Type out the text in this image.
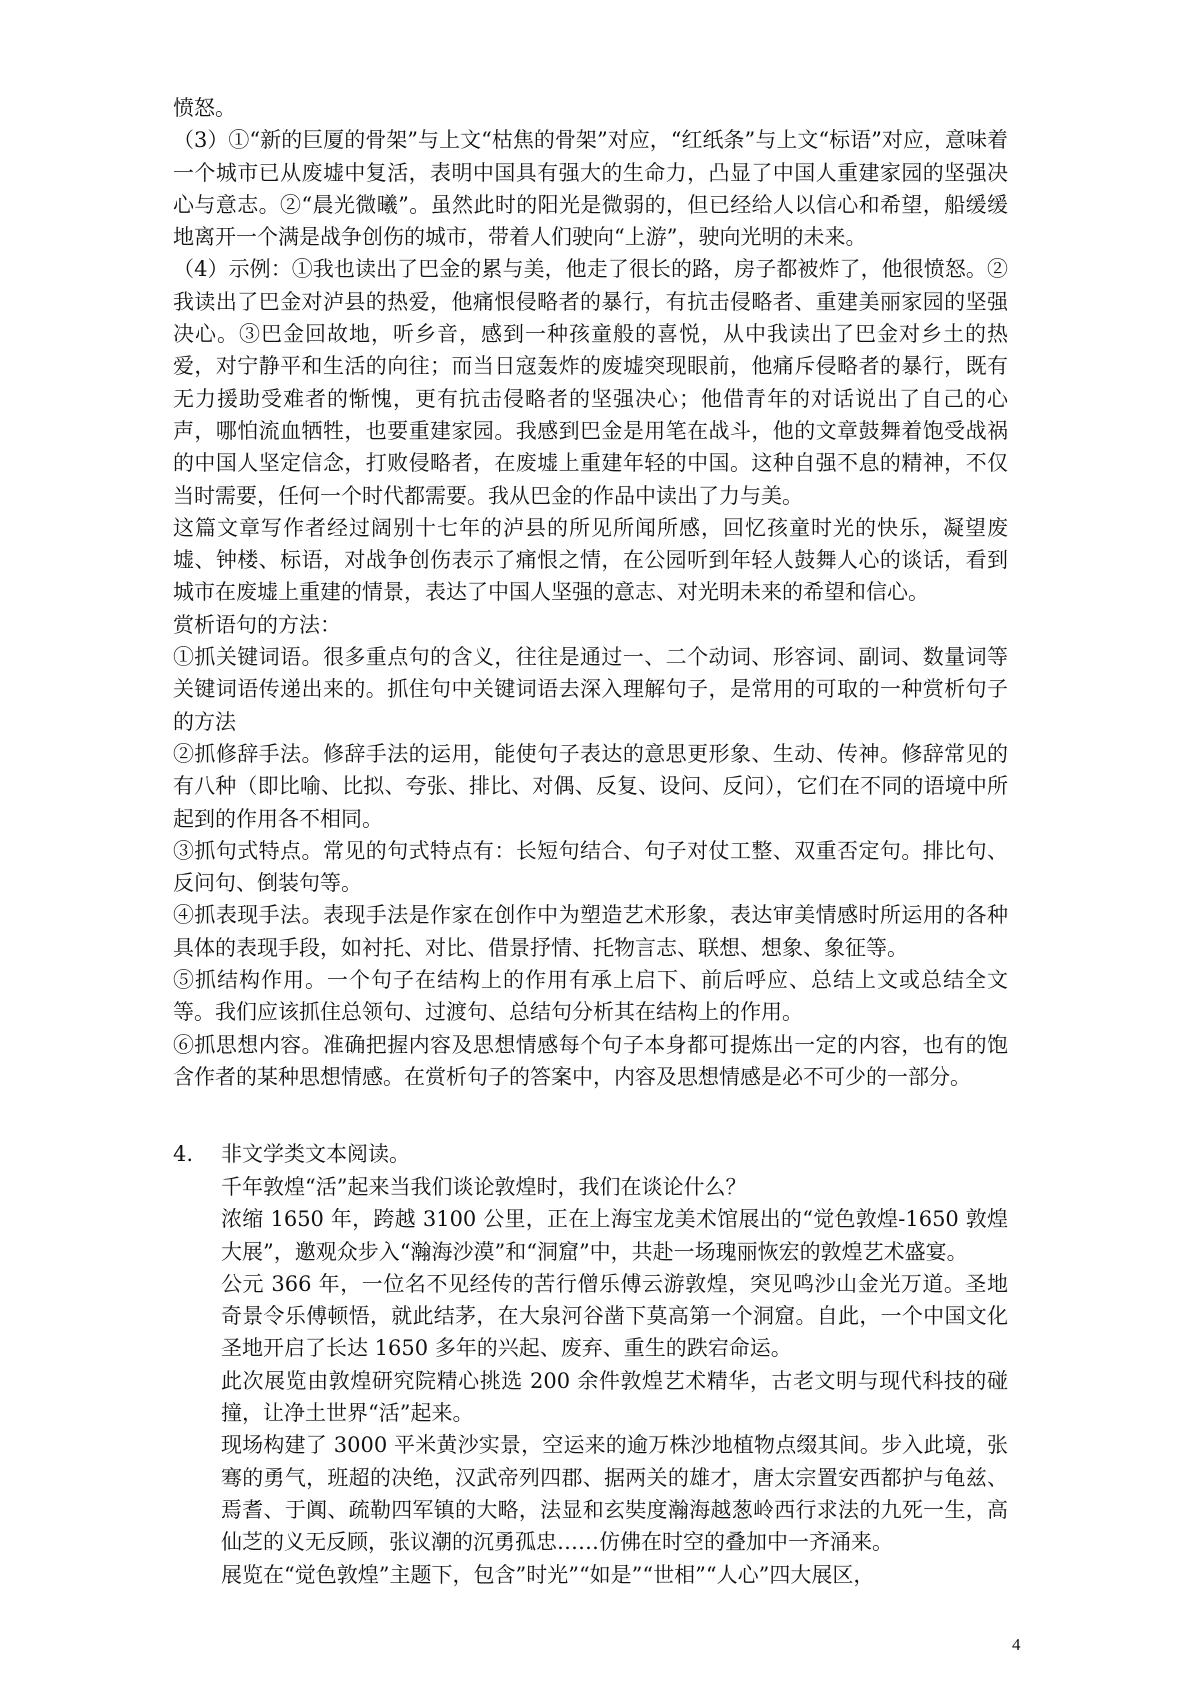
愤怒。

（3）①“新的巨厦的骨架”与上文“枯焦的骨架”对应，“红纸条”与上文“标语”对应，意味着一个城市已从废墟中复活，表明中国具有强大的生命力，凸显了中国人重建家园的坚强决心与意志。②“晨光微曦”。虽然此时的阳光是微弱的，但已经给人以信心和希望，船缓缓地离开一个满是战争创伤的城市，带着人们驶向“上游”，驶向光明的未来。

（4）示例：①我也读出了巴金的累与美，他走了很长的路，房子都被炸了，他很愤怒。②我读出了巴金对泸县的热爱，他痛恨侵略者的暴行，有抗击侵略者、重建美丽家园的坚强决心。③巴金回故地，听乡音，感到一种孩童般的喜悦，从中我读出了巴金对乡土的热爱，对宁静平和生活的向往；而当日寇轰炸的废墟突现眼前，他痛斥侵略者的暴行，既有无力援助受难者的惭愧，更有抗击侵略者的坚强决心；他借青年的对话说出了自己的心声，哪怕流血牺牲，也要重建家园。我感到巴金是用笔在战斗，他的文章鼓舞着饱受战祸的中国人坚定信念，打败侵略者，在废墟上重建年轻的中国。这种自强不息的精神，不仅当时需要，任何一个时代都需要。我从巴金的作品中读出了力与美。

这篇文章写作者经过阔别十七年的泸县的所见所闻所感，回忆孩童时光的快乐，凝望废墟、钟楼、标语，对战争创伤表示了痛恨之情，在公园听到年轻人鼓舞人心的谈话，看到城市在废墟上重建的情景，表达了中国人坚强的意志、对光明未来的希望和信心。

赏析语句的方法：

①抓关键词语。很多重点句的含义，往往是通过一、二个动词、形容词、副词、数量词等关键词语传递出来的。抓住句中关键词语去深入理解句子，是常用的可取的一种赏析句子的方法

②抓修辞手法。修辞手法的运用，能使句子表达的意思更形象、生动、传神。修辞常见的有八种（即比喻、比拟、夸张、排比、对偶、反复、设问、反问），它们在不同的语境中所起到的作用各不相同。

③抓句式特点。常见的句式特点有：长短句结合、句子对仗工整、双重否定句。排比句、反问句、倒装句等。

④抓表现手法。表现手法是作家在创作中为塑造艺术形象，表达审美情感时所运用的各种具体的表现手段，如衬托、对比、借景抒情、托物言志、联想、想象、象征等。

⑤抓结构作用。一个句子在结构上的作用有承上启下、前后呼应、总结上文或总结全文等。我们应该抓住总领句、过渡句、总结句分析其在结构上的作用。

⑥抓思想内容。准确把握内容及思想情感每个句子本身都可提炼出一定的内容，也有的饱含作者的某种思想情感。在赏析句子的答案中，内容及思想情感是必不可少的一部分。

4. 非文学类文本阅读。

千年敦煌“活”起来当我们谈论敦煌时，我们在谈论什么？

浓缩 1650 年，跨越 3100 公里，正在上海宝龙美术馆展出的“觉色敦煌-1650 敦煌大展”，邀观众步入“瀚海沙漠”和“洞窟”中，共赴一场瑰丽恢宏的敦煌艺术盛宴。

公元 366 年，一位名不见经传的苦行僧乐傅云游敦煌，突见鸣沙山金光万道。圣地奇景令乐傅顿悟，就此结茅，在大泉河谷凿下莫高第一个洞窟。自此，一个中国文化圣地开启了长达 1650 多年的兴起、废弃、重生的跌宕命运。

此次展览由敦煌研究院精心挑选 200 余件敦煌艺术精华，古老文明与现代科技的碰撞，让净土世界“活”起来。

现场构建了 3000 平米黄沙实景，空运来的逾万株沙地植物点缀其间。步入此境，张骞的勇气，班超的决绝，汉武帝列四郡、据两关的雄才，唐太宗置安西都护与龟兹、焉耆、于阗、疏勒四军镇的大略，法显和玄奘度瀚海越葱岭西行求法的九死一生，高仙芝的义无反顾，张议潮的沉勇孤忠……仿佛在时空的叠加中一齐涌来。

展览在“觉色敦煌”主题下，包含”时光”“如是”“世相”“人心”四大展区，

4
